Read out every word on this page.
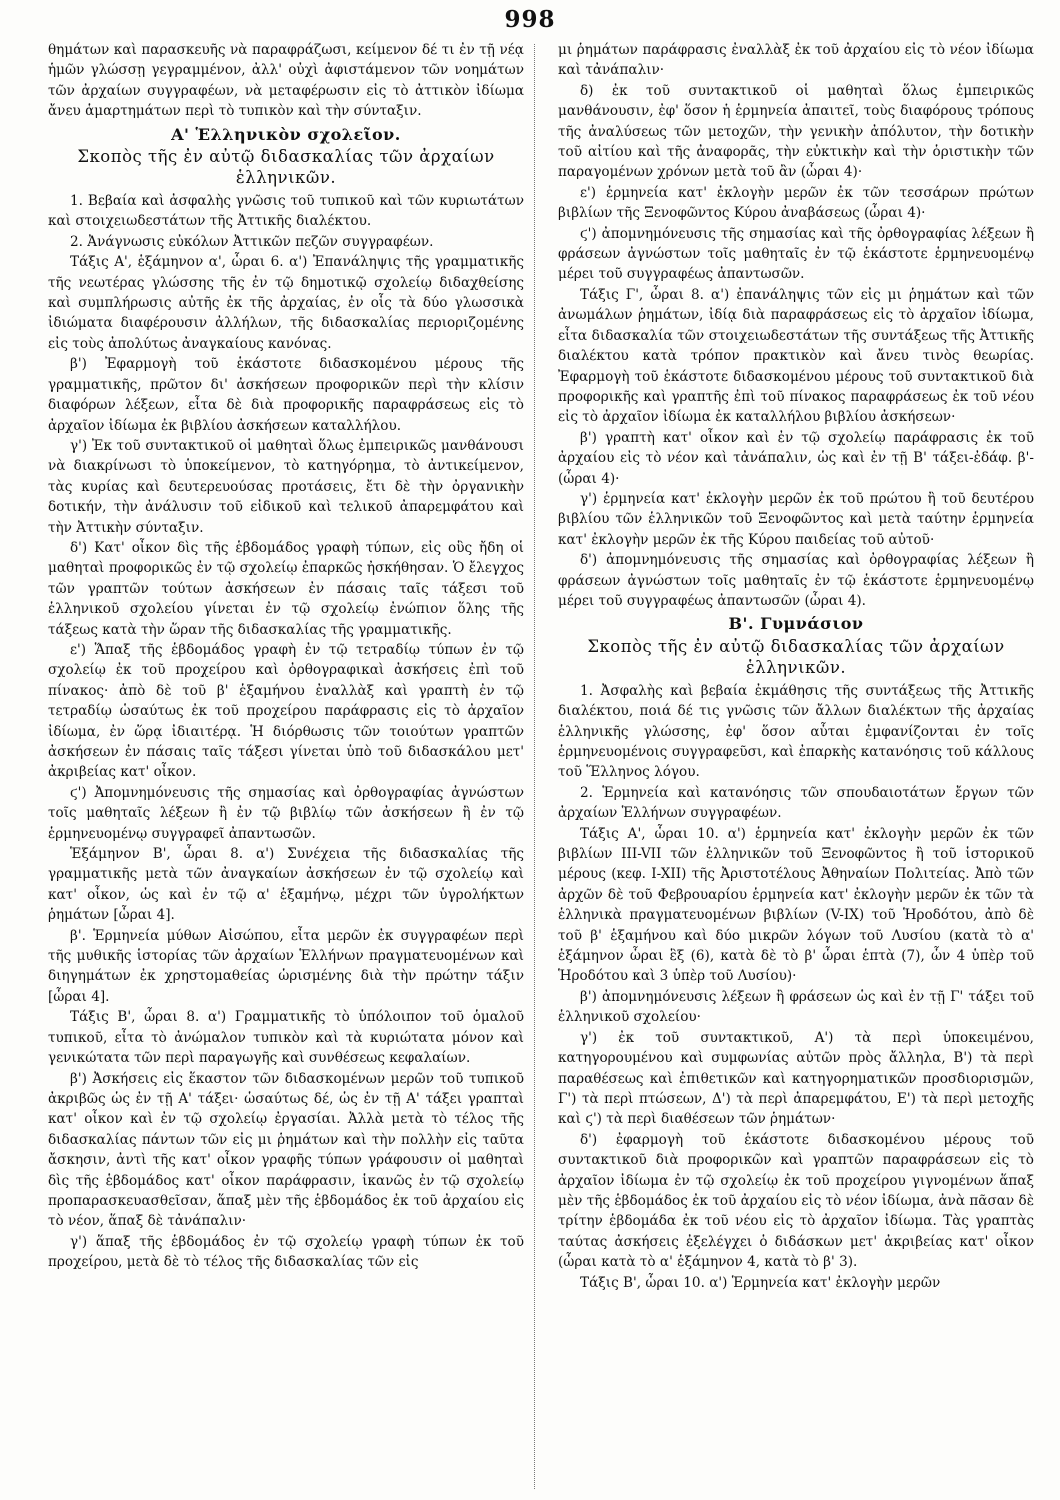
998

θημάτων καὶ παρασκευῆς νὰ παραφράζωσι, κείμενον δέ τι ἐν τῇ νέᾳ ἡμῶν γλώσσῃ γεγραμμένον, ἀλλ' οὐχὶ ἀφιστάμενον τῶν νοημάτων τῶν ἀρχαίων συγγραφέων, νὰ μεταφέρωσιν εἰς τὸ ἀττικὸν ἰδίωμα ἄνευ ἁμαρτημάτων περὶ τὸ τυπικὸν καὶ τὴν σύνταξιν.

Α' Ἑλληνικὸν σχολεῖον.
Σκοπὸς τῆς ἐν αὐτῷ διδασκαλίας τῶν ἀρχαίων ἑλληνικῶν.

1. Βεβαία καὶ ἀσφαλὴς γνῶσις τοῦ τυπικοῦ καὶ τῶν κυριωτάτων καὶ στοιχειωδεστάτων τῆς Ἀττικῆς διαλέκτου.

2. Ἀνάγνωσις εὐκόλων Ἀττικῶν πεζῶν συγγραφέων.

Τάξις Α', ἑξάμηνον α', ὧραι 6. α') Ἐπανάληψις τῆς γραμματικῆς τῆς νεωτέρας γλώσσης τῆς ἐν τῷ δημοτικῷ σχολείῳ διδαχθείσης καὶ συμπλήρωσις αὐτῆς ἐκ τῆς ἀρχαίας, ἐν οἷς τὰ δύο γλωσσικὰ ἰδιώματα διαφέρουσιν ἀλλήλων, τῆς διδασκαλίας περιοριζομένης εἰς τοὺς ἀπολύτως ἀναγκαίους κανόνας.

β') Ἐφαρμογὴ τοῦ ἑκάστοτε διδασκομένου μέρους τῆς γραμματικῆς, πρῶτον δι' ἀσκήσεων προφορικῶν περὶ τὴν κλίσιν διαφόρων λέξεων, εἶτα δὲ διὰ προφορικῆς παραφράσεως εἰς τὸ ἀρχαῖον ἰδίωμα ἐκ βιβλίου ἀσκήσεων καταλλήλου.

γ') Ἐκ τοῦ συντακτικοῦ οἱ μαθηταὶ ὅλως ἐμπειρικῶς μανθάνουσι νὰ διακρίνωσι τὸ ὑποκείμενον, τὸ κατηγόρημα, τὸ ἀντικείμενον, τὰς κυρίας καὶ δευτερευούσας προτάσεις, ἔτι δὲ τὴν ὀργανικὴν δοτικήν, τὴν ἀνάλυσιν τοῦ εἰδικοῦ καὶ τελικοῦ ἀπαρεμφάτου καὶ τὴν Ἀττικὴν σύνταξιν.

δ') Κατ' οἶκον δὶς τῆς ἑβδομάδος γραφὴ τύπων, εἰς οὓς ἤδη οἱ μαθηταὶ προφορικῶς ἐν τῷ σχολείῳ ἐπαρκῶς ἠσκήθησαν. Ὁ ἔλεγχος τῶν γραπτῶν τούτων ἀσκήσεων ἐν πάσαις ταῖς τάξεσι τοῦ ἑλληνικοῦ σχολείου γίνεται ἐν τῷ σχολείῳ ἐνώπιον ὅλης τῆς τάξεως κατὰ τὴν ὥραν τῆς διδασκαλίας τῆς γραμματικῆς.

ε') Ἅπαξ τῆς ἑβδομάδος γραφὴ ἐν τῷ τετραδίῳ τύπων ἐν τῷ σχολείῳ ἐκ τοῦ προχείρου καὶ ὀρθογραφικαὶ ἀσκήσεις ἐπὶ τοῦ πίνακος· ἀπὸ δὲ τοῦ β' ἑξαμήνου ἐναλλὰξ καὶ γραπτὴ ἐν τῷ τετραδίῳ ὡσαύτως ἐκ τοῦ προχείρου παράφρασις εἰς τὸ ἀρχαῖον ἰδίωμα, ἐν ὥρᾳ ἰδιαιτέρᾳ. Ἡ διόρθωσις τῶν τοιούτων γραπτῶν ἀσκήσεων ἐν πάσαις ταῖς τάξεσι γίνεται ὑπὸ τοῦ διδασκάλου μετ' ἀκριβείας κατ' οἶκον.

ϛ') Ἀπομνημόνευσις τῆς σημασίας καὶ ὀρθογραφίας ἀγνώστων τοῖς μαθηταῖς λέξεων ἢ ἐν τῷ βιβλίῳ τῶν ἀσκήσεων ἢ ἐν τῷ ἑρμηνευομένῳ συγγραφεῖ ἀπαντωσῶν.

Ἑξάμηνον Β', ὧραι 8. α') Συνέχεια τῆς διδασκαλίας τῆς γραμματικῆς μετὰ τῶν ἀναγκαίων ἀσκήσεων ἐν τῷ σχολείῳ καὶ κατ' οἶκον, ὡς καὶ ἐν τῷ α' ἑξαμήνῳ, μέχρι τῶν ὑγρολήκτων ῥημάτων [ὧραι 4].

β'. Ἑρμηνεία μύθων Αἰσώπου, εἶτα μερῶν ἐκ συγγραφέων περὶ τῆς μυθικῆς ἱστορίας τῶν ἀρχαίων Ἑλλήνων πραγματευομένων καὶ διηγημάτων ἐκ χρηστομαθείας ὡρισμένης διὰ τὴν πρώτην τάξιν [ὧραι 4].

Τάξις Β', ὧραι 8. α') Γραμματικῆς τὸ ὑπόλοιπον τοῦ ὁμαλοῦ τυπικοῦ, εἶτα τὸ ἀνώμαλον τυπικὸν καὶ τὰ κυριώτατα μόνον καὶ γενικώτατα τῶν περὶ παραγωγῆς καὶ συνθέσεως κεφαλαίων.

β') Ἀσκήσεις εἰς ἕκαστον τῶν διδασκομένων μερῶν τοῦ τυπικοῦ ἀκριβῶς ὡς ἐν τῇ Α' τάξει· ὡσαύτως δέ, ὡς ἐν τῇ Α' τάξει γραπταὶ κατ' οἶκον καὶ ἐν τῷ σχολείῳ ἐργασίαι. Ἀλλὰ μετὰ τὸ τέλος τῆς διδασκαλίας πάντων τῶν εἰς μι ῥημάτων καὶ τὴν πολλὴν εἰς ταῦτα ἄσκησιν, ἀντὶ τῆς κατ' οἶκον γραφῆς τύπων γράφουσιν οἱ μαθηταὶ δὶς τῆς ἑβδομάδος κατ' οἶκον παράφρασιν, ἱκανῶς ἐν τῷ σχολείῳ προπαρασκευασθεῖσαν, ἅπαξ μὲν τῆς ἑβδομάδος ἐκ τοῦ ἀρχαίου εἰς τὸ νέον, ἅπαξ δὲ τἀνάπαλιν·

γ') ἅπαξ τῆς ἑβδομάδος ἐν τῷ σχολείῳ γραφὴ τύπων ἐκ τοῦ προχείρου, μετὰ δὲ τὸ τέλος τῆς διδασκαλίας τῶν εἰς

μι ῥημάτων παράφρασις ἐναλλὰξ ἐκ τοῦ ἀρχαίου εἰς τὸ νέον ἰδίωμα καὶ τἀνάπαλιν·

δ) ἐκ τοῦ συντακτικοῦ οἱ μαθηταὶ ὅλως ἐμπειρικῶς μανθάνουσιν, ἐφ' ὅσον ἡ ἑρμηνεία ἀπαιτεῖ, τοὺς διαφόρους τρόπους τῆς ἀναλύσεως τῶν μετοχῶν, τὴν γενικὴν ἀπόλυτον, τὴν δοτικὴν τοῦ αἰτίου καὶ τῆς ἀναφορᾶς, τὴν εὐκτικὴν καὶ τὴν ὁριστικὴν τῶν παραγομένων χρόνων μετὰ τοῦ ἂν (ὧραι 4)·

ε') ἑρμηνεία κατ' ἐκλογὴν μερῶν ἐκ τῶν τεσσάρων πρώτων βιβλίων τῆς Ξενοφῶντος Κύρου ἀναβάσεως (ὧραι 4)·

ϛ') ἀπομνημόνευσις τῆς σημασίας καὶ τῆς ὀρθογραφίας λέξεων ἢ φράσεων ἀγνώστων τοῖς μαθηταῖς ἐν τῷ ἑκάστοτε ἑρμηνευομένῳ μέρει τοῦ συγγραφέως ἀπαντωσῶν.

Τάξις Γ', ὧραι 8. α') ἐπανάληψις τῶν εἰς μι ῥημάτων καὶ τῶν ἀνωμάλων ῥημάτων, ἰδίᾳ διὰ παραφράσεως εἰς τὸ ἀρχαῖον ἰδίωμα, εἶτα διδασκαλία τῶν στοιχειωδεστάτων τῆς συντάξεως τῆς Ἀττικῆς διαλέκτου κατὰ τρόπον πρακτικὸν καὶ ἄνευ τινὸς θεωρίας. Ἐφαρμογὴ τοῦ ἑκάστοτε διδασκομένου μέρους τοῦ συντακτικοῦ διὰ προφορικῆς καὶ γραπτῆς ἐπὶ τοῦ πίνακος παραφράσεως ἐκ τοῦ νέου εἰς τὸ ἀρχαῖον ἰδίωμα ἐκ καταλλήλου βιβλίου ἀσκήσεων·

β') γραπτὴ κατ' οἶκον καὶ ἐν τῷ σχολείῳ παράφρασις ἐκ τοῦ ἀρχαίου εἰς τὸ νέον καὶ τἀνάπαλιν, ὡς καὶ ἐν τῇ Β' τάξει-ἐδάφ. β'-(ὧραι 4)·

γ') ἑρμηνεία κατ' ἐκλογὴν μερῶν ἐκ τοῦ πρώτου ἢ τοῦ δευτέρου βιβλίου τῶν ἑλληνικῶν τοῦ Ξενοφῶντος καὶ μετὰ ταύτην ἑρμηνεία κατ' ἐκλογὴν μερῶν ἐκ τῆς Κύρου παιδείας τοῦ αὐτοῦ·

δ') ἀπομνημόνευσις τῆς σημασίας καὶ ὀρθογραφίας λέξεων ἢ φράσεων ἀγνώστων τοῖς μαθηταῖς ἐν τῷ ἑκάστοτε ἑρμηνευομένῳ μέρει τοῦ συγγραφέως ἀπαντωσῶν (ὧραι 4).

Β'. Γυμνάσιον
Σκοπὸς τῆς ἐν αὐτῷ διδασκαλίας τῶν ἀρχαίων ἑλληνικῶν.

1. Ἀσφαλὴς καὶ βεβαία ἐκμάθησις τῆς συντάξεως τῆς Ἀττικῆς διαλέκτου, ποιά δέ τις γνῶσις τῶν ἄλλων διαλέκτων τῆς ἀρχαίας ἑλληνικῆς γλώσσης, ἐφ' ὅσον αὗται ἐμφανίζονται ἐν τοῖς ἑρμηνευομένοις συγγραφεῦσι, καὶ ἐπαρκὴς κατανόησις τοῦ κάλλους τοῦ Ἕλληνος λόγου.

2. Ἑρμηνεία καὶ κατανόησις τῶν σπουδαιοτάτων ἔργων τῶν ἀρχαίων Ἑλλήνων συγγραφέων.

Τάξις Α', ὧραι 10. α') ἑρμηνεία κατ' ἐκλογὴν μερῶν ἐκ τῶν βιβλίων III-VII τῶν ἑλληνικῶν τοῦ Ξενοφῶντος ἢ τοῦ ἱστορικοῦ μέρους (κεφ. I-XII) τῆς Ἀριστοτέλους Ἀθηναίων Πολιτείας. Ἀπὸ τῶν ἀρχῶν δὲ τοῦ Φεβρουαρίου ἑρμηνεία κατ' ἐκλογὴν μερῶν ἐκ τῶν τὰ ἑλληνικὰ πραγματευομένων βιβλίων (V-IX) τοῦ Ἡροδότου, ἀπὸ δὲ τοῦ β' ἑξαμήνου καὶ δύο μικρῶν λόγων τοῦ Λυσίου (κατὰ τὸ α' ἑξάμηνον ὧραι ἓξ (6), κατὰ δὲ τὸ β' ὧραι ἑπτὰ (7), ὧν 4 ὑπὲρ τοῦ Ἡροδότου καὶ 3 ὑπὲρ τοῦ Λυσίου)·

β') ἀπομνημόνευσις λέξεων ἢ φράσεων ὡς καὶ ἐν τῇ Γ' τάξει τοῦ ἑλληνικοῦ σχολείου·

γ') ἐκ τοῦ συντακτικοῦ, Α') τὰ περὶ ὑποκειμένου, κατηγορουμένου καὶ συμφωνίας αὐτῶν πρὸς ἄλληλα, Β') τὰ περὶ παραθέσεως καὶ ἐπιθετικῶν καὶ κατηγορηματικῶν προσδιορισμῶν, Γ') τὰ περὶ πτώσεων, Δ') τὰ περὶ ἀπαρεμφάτου, Ε') τὰ περὶ μετοχῆς καὶ ϛ') τὰ περὶ διαθέσεων τῶν ῥημάτων·

δ') ἐφαρμογὴ τοῦ ἑκάστοτε διδασκομένου μέρους τοῦ συντακτικοῦ διὰ προφορικῶν καὶ γραπτῶν παραφράσεων εἰς τὸ ἀρχαῖον ἰδίωμα ἐν τῷ σχολείῳ ἐκ τοῦ προχείρου γιγνομένων ἅπαξ μὲν τῆς ἑβδομάδος ἐκ τοῦ ἀρχαίου εἰς τὸ νέον ἰδίωμα, ἀνὰ πᾶσαν δὲ τρίτην ἑβδομάδα ἐκ τοῦ νέου εἰς τὸ ἀρχαῖον ἰδίωμα. Τὰς γραπτὰς ταύτας ἀσκήσεις ἐξελέγχει ὁ διδάσκων μετ' ἀκριβείας κατ' οἶκον (ὧραι κατὰ τὸ α' ἑξάμηνον 4, κατὰ τὸ β' 3).

Τάξις Β', ὧραι 10. α') Ἑρμηνεία κατ' ἐκλογὴν μερῶν
